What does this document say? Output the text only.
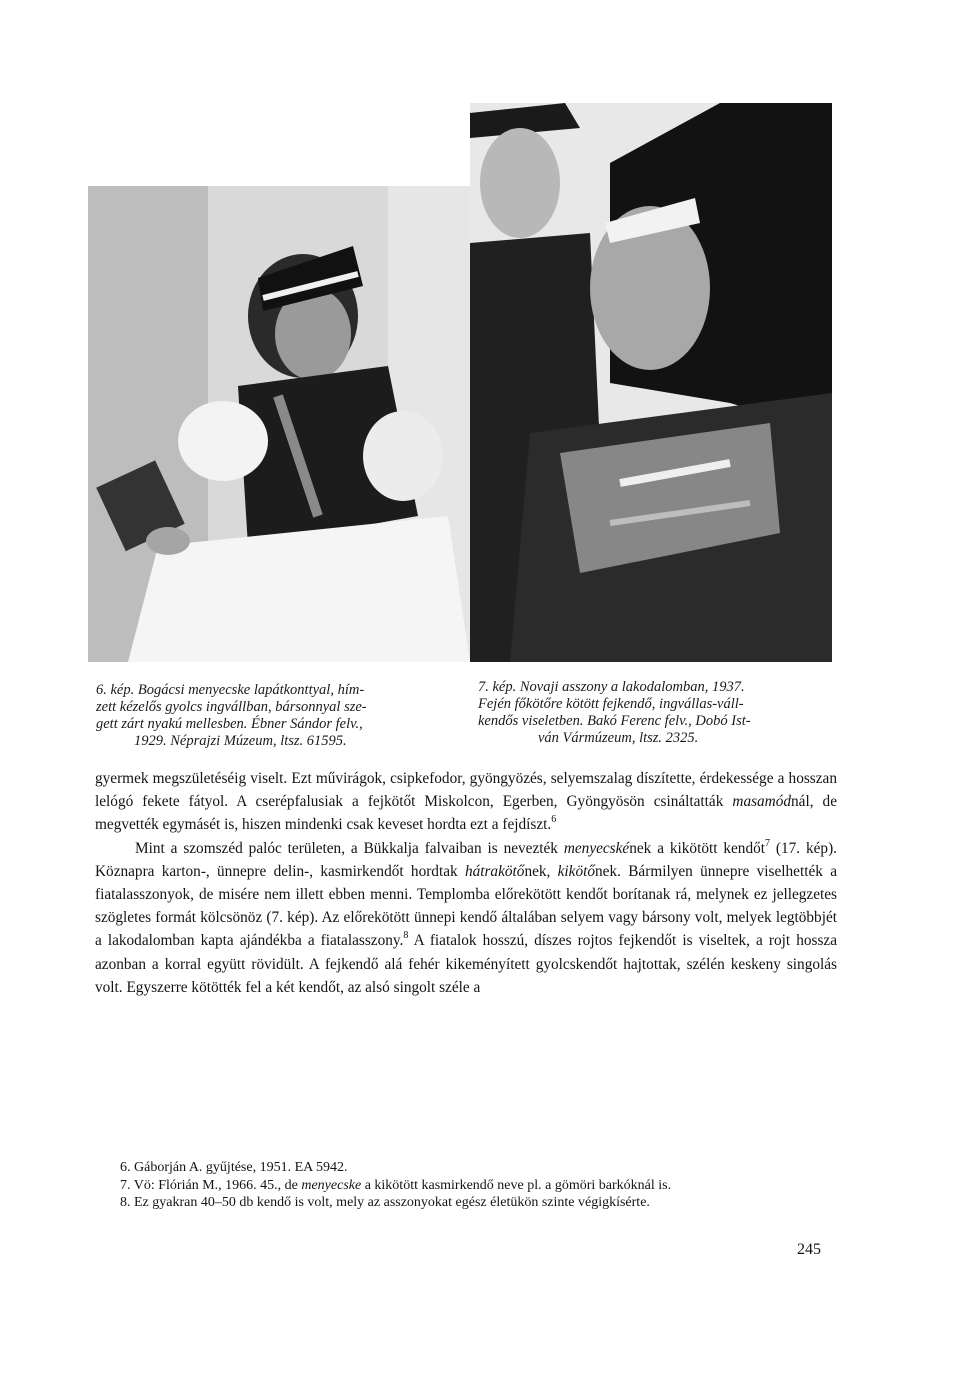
6. kép. Bogácsi menyecske lapátkonttyal, hím-
zett kézelős gyolcs ingvállban, bársonnyal sze-
gett zárt nyakú mellesben. Ébner Sándor felv.,
1929. Néprajzi Múzeum, ltsz. 61595.
7. kép. Novaji asszony a lakodalomban, 1937.
Fején főkötőre kötött fejkendő, ingvállas-váll-
kendős viseletben. Bakó Ferenc felv., Dobó Ist-
ván Vármúzeum, ltsz. 2325.

gyermek megszületéséig viselt. Ezt művirágok, csipkefodor, gyöngyözés, selyemszalag díszítette, érdekessége a hosszan lelógó fekete fátyol. A cserépfalusiak a fejkötőt Miskolcon, Egerben, Gyöngyösön csináltatták masamódnál, de megvették egymásét is, hiszen mindenki csak keveset hordta ezt a fejdíszt.$^6$

Mint a szomszéd palóc területen, a Bükkalja falvaiban is nevezték menyecskének a kikötött kendőt$^7$ (17. kép). Köznapra karton-, ünnepre delin-, kasmirkendőt hordtak hátrakötőnek, kikötőnek. Bármilyen ünnepre viselhették a fiatalasszonyok, de misére nem illett ebben menni. Templomba előrekötött kendőt borítanak rá, melynek ez jellegzetes szögletes formát kölcsönöz (7. kép). Az előrekötött ünnepi kendő általában selyem vagy bársony volt, melyek legtöbbjét a lakodalomban kapta ajándékba a fiatalasszony.$^8$ A fiatalok hosszú, díszes rojtos fejkendőt is viseltek, a rojt hossza azonban a korral együtt rövidült. A fejkendő alá fehér kikeményített gyolcskendőt hajtottak, szélén keskeny singolás volt. Egyszerre kötötték fel a két kendőt, az alsó singolt széle a

6. Gáborján A. gyűjtése, 1951. EA 5942.
7. Vö: Flórián M., 1966. 45., de menyecske a kikötött kasmirkendő neve pl. a gömöri barkóknál is.
8. Ez gyakran 40–50 db kendő is volt, mely az asszonyokat egész életükön szinte végigkísérte.
245
